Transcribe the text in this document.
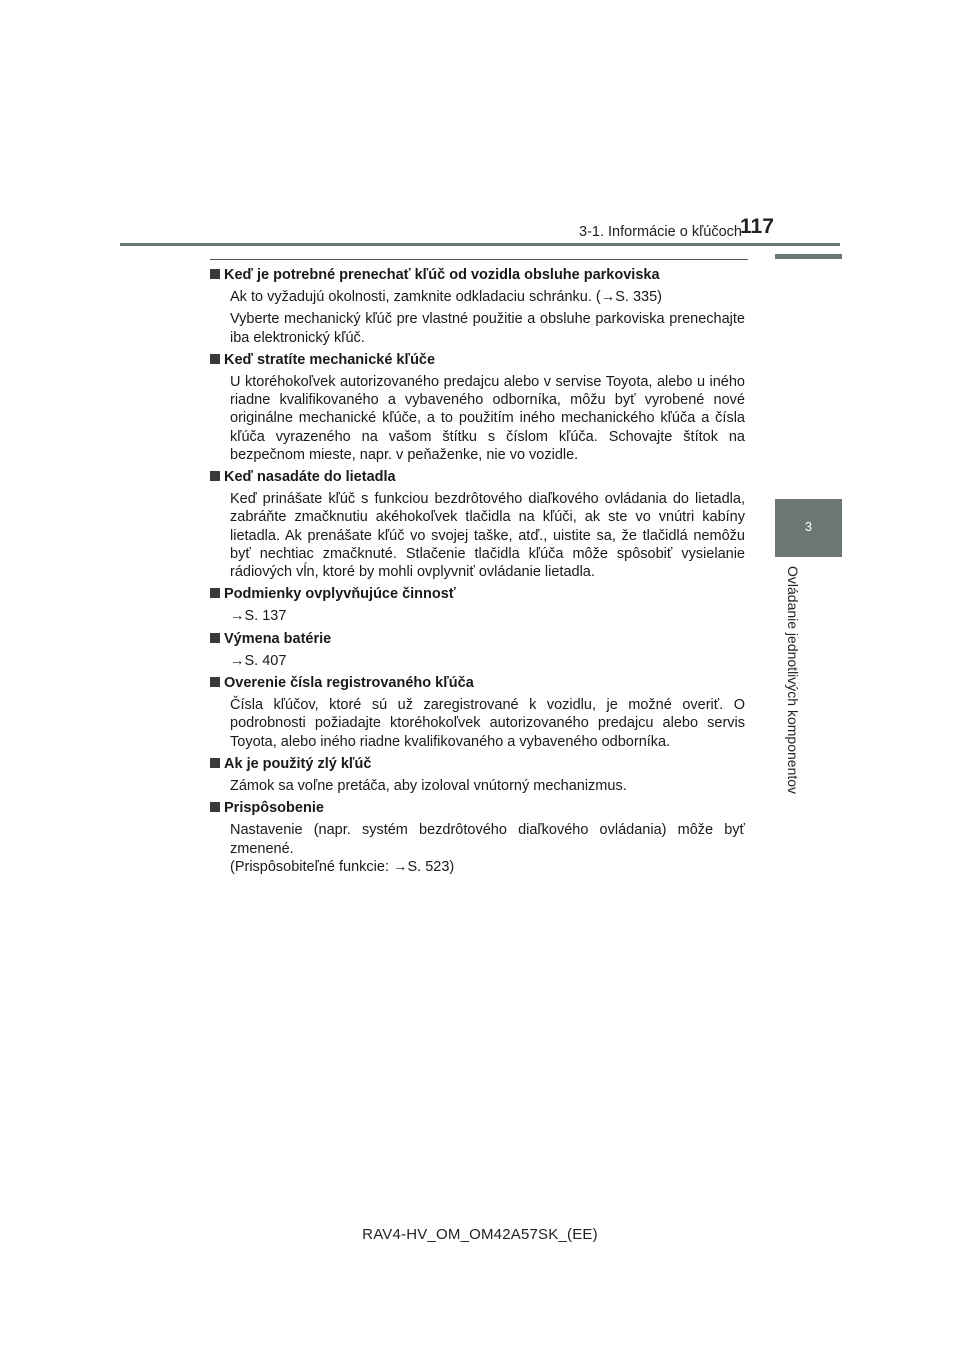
3-1. Informácie o kľúčoch
117
3
Ovládanie jednotlivých komponentov
Keď je potrebné prenechať kľúč od vozidla obsluhe parkoviska

Ak to vyžadujú okolnosti, zamknite odkladaciu schránku. (→S. 335)

Vyberte mechanický kľúč pre vlastné použitie a obsluhe parkoviska prenechajte iba elektronický kľúč.

Keď stratíte mechanické kľúče

U ktoréhokoľvek autorizovaného predajcu alebo v servise Toyota, alebo u iného riadne kvalifikovaného a vybaveného odborníka, môžu byť vyrobené nové originálne mechanické kľúče, a to použitím iného mechanického kľúča a čísla kľúča vyrazeného na vašom štítku s číslom kľúča. Schovajte štítok na bezpečnom mieste, napr. v peňaženke, nie vo vozidle.

Keď nasadáte do lietadla

Keď prinášate kľúč s funkciou bezdrôtového diaľkového ovládania do lietadla, zabráňte zmačknutiu akéhokoľvek tlačidla na kľúči, ak ste vo vnútri kabíny lietadla. Ak prenášate kľúč vo svojej taške, atď., uistite sa, že tlačidlá nemôžu byť nechtiac zmačknuté. Stlačenie tlačidla kľúča môže spôsobiť vysielanie rádiových vĺn, ktoré by mohli ovplyvniť ovládanie lietadla.

Podmienky ovplyvňujúce činnosť

→S. 137

Výmena batérie

→S. 407

Overenie čísla registrovaného kľúča

Čísla kľúčov, ktoré sú už zaregistrované k vozidlu, je možné overiť. O podrobnosti požiadajte ktoréhokoľvek autorizovaného predajcu alebo servis Toyota, alebo iného riadne kvalifikovaného a vybaveného odborníka.

Ak je použitý zlý kľúč

Zámok sa voľne pretáča, aby izoloval vnútorný mechanizmus.

Prispôsobenie

Nastavenie (napr. systém bezdrôtového diaľkového ovládania) môže byť zmenené.

(Prispôsobiteľné funkcie: →S. 523)

RAV4-HV_OM_OM42A57SK_(EE)
